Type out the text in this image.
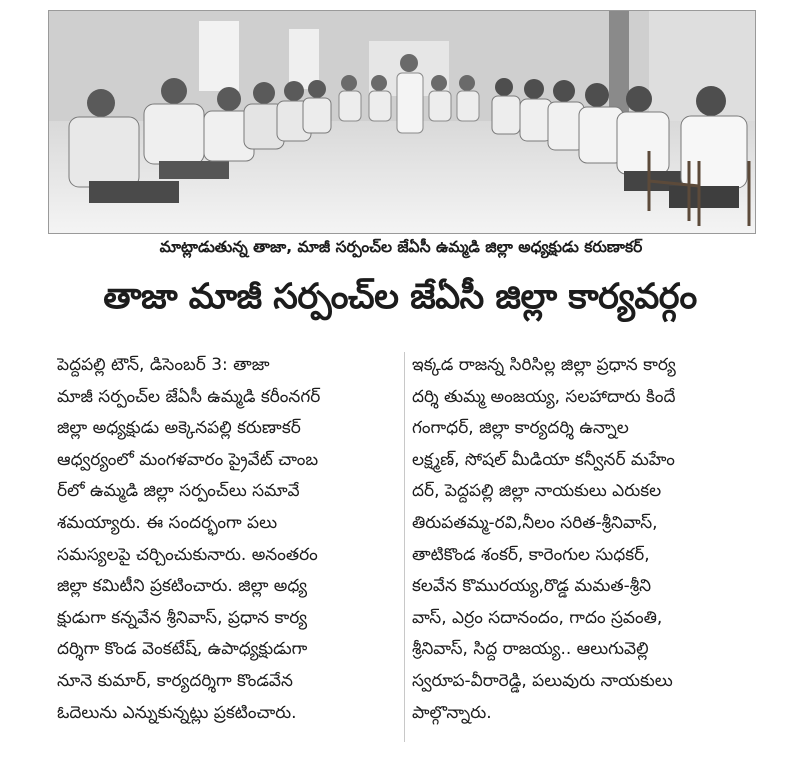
మాట్లాడుతున్న తాజా, మాజీ సర్పంచ్‌ల జేఏసీ ఉమ్మడి జిల్లా అధ్యక్షుడు కరుణాకర్
తాజా మాజీ సర్పంచ్‌ల జేఏసీ జిల్లా కార్యవర్గం
పెద్దపల్లి టౌన్‌, డిసెంబర్‌ 3: తాజా
మాజీ సర్పంచ్‌ల జేఏసీ ఉమ్మడి కరీంనగర్‌
జిల్లా అధ్యక్షుడు అక్కెనపల్లి కరుణాకర్‌
ఆధ్వర్యంలో మంగళవారం ప్రైవేట్‌ చాంబ
ర్‌లో ఉమ్మడి జిల్లా సర్పంచ్‌లు సమావే
శమయ్యారు. ఈ సందర్భంగా పలు
సమస్యలపై చర్చించుకునారు. అనంతరం
జిల్లా కమిటీని ప్రకటించారు. జిల్లా అధ్య
క్షుడుగా కన్నవేన శ్రీనివాస్‌, ప్రధాన కార్య
దర్శిగా కొండ వెంకటేష్‌, ఉపాధ్యక్షుడుగా
నూనె కుమార్‌, కార్యదర్శిగా కొండవేన
ఓదెలును ఎన్నుకున్నట్లు ప్రకటించారు.
ఇక్కడ రాజన్న సిరిసిల్ల జిల్లా ప్రధాన కార్య
దర్శి తుమ్మ అంజయ్య, సలహాదారు కిందే
గంగాధర్‌, జిల్లా కార్యదర్శి ఉన్నాల
లక్ష్మణ్‌, సోషల్‌ మీడియా కన్వీనర్‌ మహేం
దర్‌, పెద్దపల్లి జిల్లా నాయకులు ఎరుకల
తిరుపతమ్మ-రవి,నీలం సరిత-శ్రీనివాస్‌,
తాటికొండ శంకర్‌, కారెంగుల సుధకర్‌,
కలవేన కొమురయ్య,రొడ్డ మమత-శ్రీని
వాస్‌, ఎర్రం సదానందం, గాదం స్రవంతి,
శ్రీనివాస్‌, సిద్ద రాజయ్య.. ఆలుగువెల్లి
స్వరూప-వీరారెడ్డి, పలువురు నాయకులు
పాల్గొన్నారు.
